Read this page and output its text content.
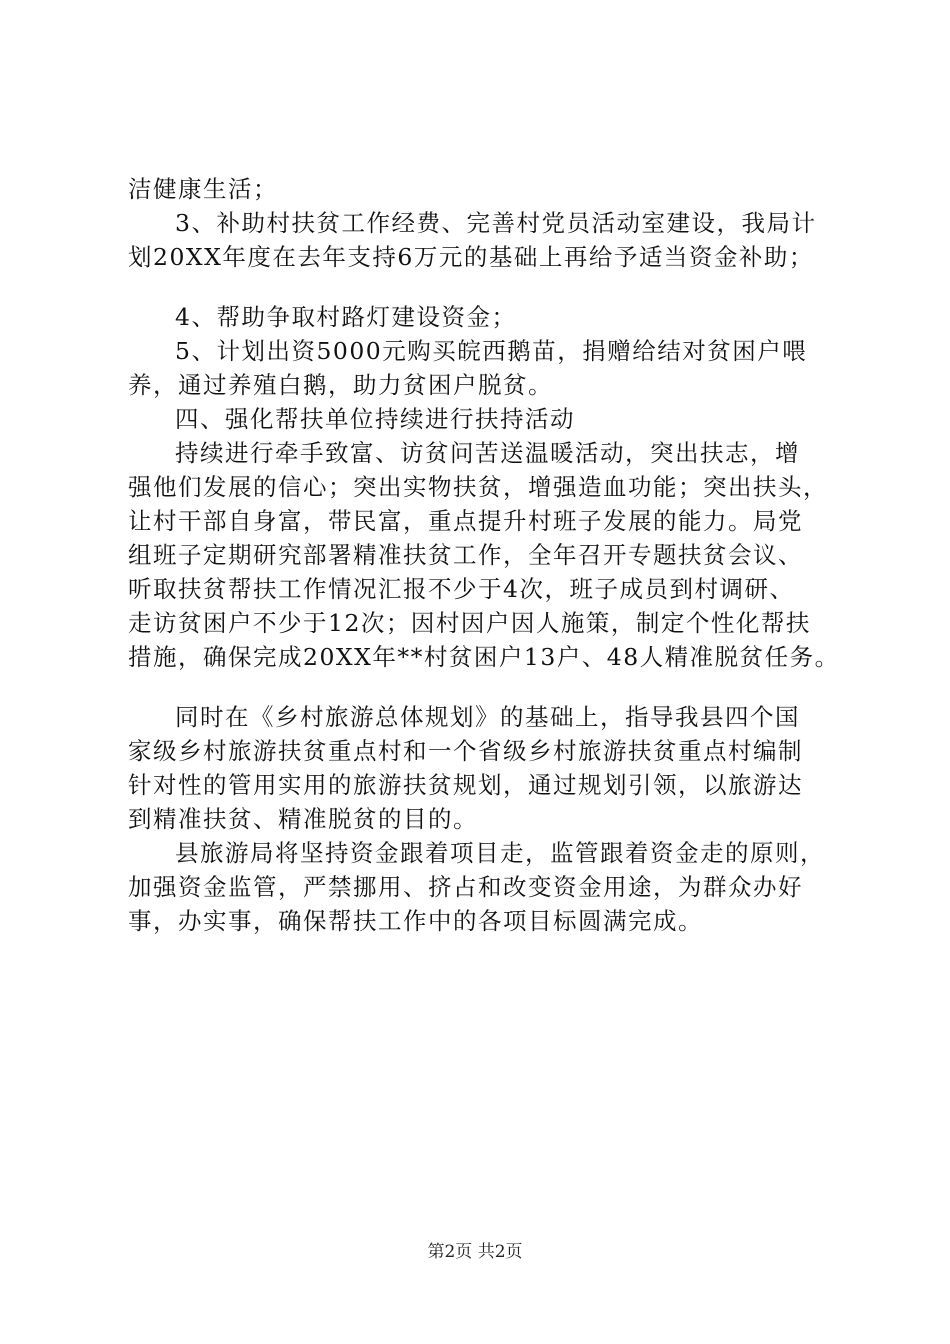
洁健康生活；
3、补助村扶贫工作经费、完善村党员活动室建设，我局计
划20XX年度在去年支持6万元的基础上再给予适当资金补助；
4、帮助争取村路灯建设资金；
5、计划出资5000元购买皖西鹅苗，捐赠给结对贫困户喂
养，通过养殖白鹅，助力贫困户脱贫。
四、强化帮扶单位持续进行扶持活动
持续进行牵手致富、访贫问苦送温暖活动，突出扶志，增
强他们发展的信心；突出实物扶贫，增强造血功能；突出扶头，
让村干部自身富，带民富，重点提升村班子发展的能力。局党
组班子定期研究部署精准扶贫工作，全年召开专题扶贫会议、
听取扶贫帮扶工作情况汇报不少于4次，班子成员到村调研、
走访贫困户不少于12次；因村因户因人施策，制定个性化帮扶
措施，确保完成20XX年**村贫困户13户、48人精准脱贫任务。
同时在《乡村旅游总体规划》的基础上，指导我县四个国
家级乡村旅游扶贫重点村和一个省级乡村旅游扶贫重点村编制
针对性的管用实用的旅游扶贫规划，通过规划引领，以旅游达
到精准扶贫、精准脱贫的目的。
县旅游局将坚持资金跟着项目走，监管跟着资金走的原则，
加强资金监管，严禁挪用、挤占和改变资金用途，为群众办好
事，办实事，确保帮扶工作中的各项目标圆满完成。
第2页 共2页
